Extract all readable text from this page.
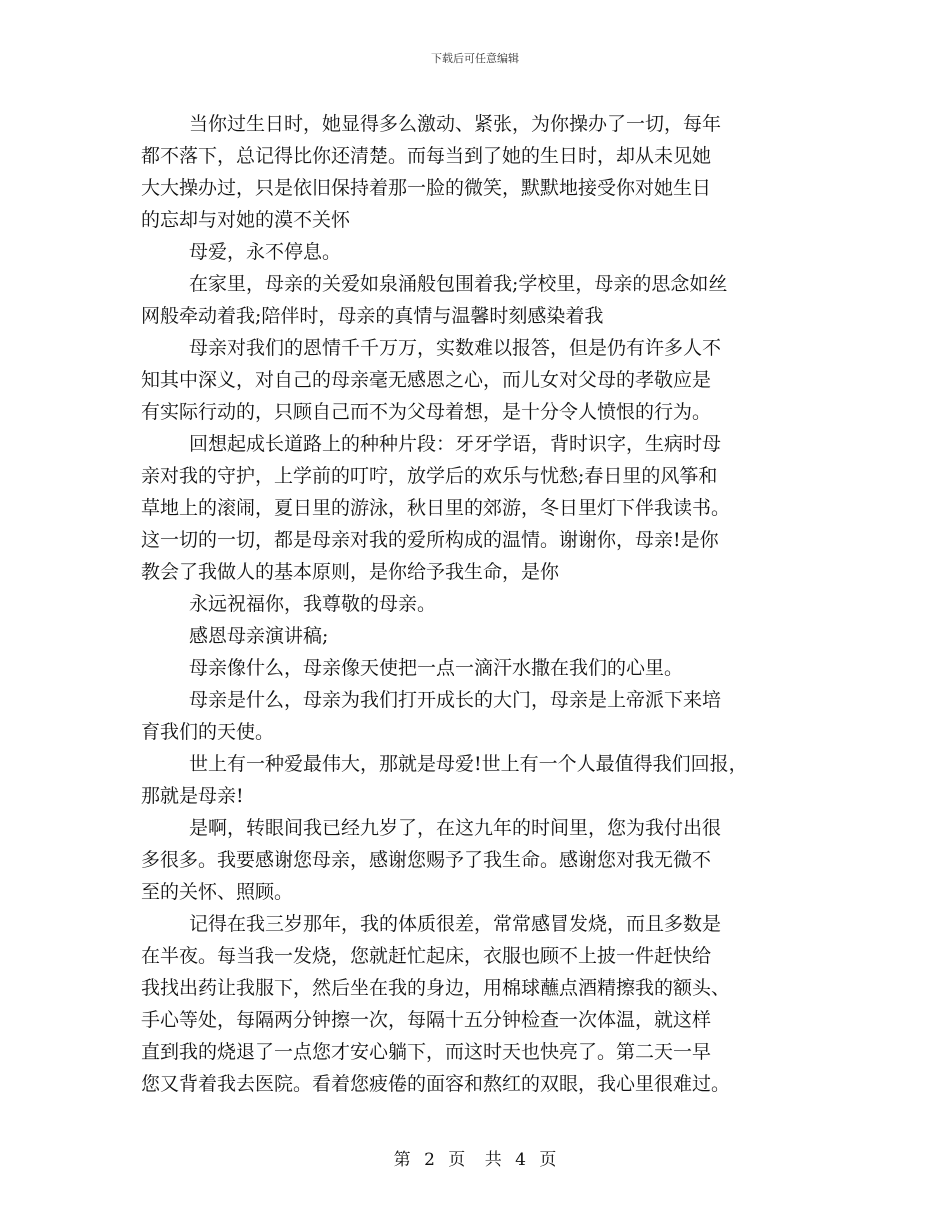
下载后可任意编辑
当你过生日时，她显得多么激动、紧张，为你操办了一切，每年
都不落下，总记得比你还清楚。而每当到了她的生日时，却从未见她
大大操办过，只是依旧保持着那一脸的微笑，默默地接受你对她生日
的忘却与对她的漠不关怀
母爱，永不停息。
在家里，母亲的关爱如泉涌般包围着我;学校里，母亲的思念如丝
网般牵动着我;陪伴时，母亲的真情与温馨时刻感染着我
母亲对我们的恩情千千万万，实数难以报答，但是仍有许多人不
知其中深义，对自己的母亲毫无感恩之心，而儿女对父母的孝敬应是
有实际行动的，只顾自己而不为父母着想，是十分令人愤恨的行为。
回想起成长道路上的种种片段：牙牙学语，背时识字，生病时母
亲对我的守护，上学前的叮咛，放学后的欢乐与忧愁;春日里的风筝和
草地上的滚闹，夏日里的游泳，秋日里的郊游，冬日里灯下伴我读书。
这一切的一切，都是母亲对我的爱所构成的温情。谢谢你，母亲!是你
教会了我做人的基本原则，是你给予我生命，是你
永远祝福你，我尊敬的母亲。
感恩母亲演讲稿;
母亲像什么，母亲像天使把一点一滴汗水撒在我们的心里。
母亲是什么，母亲为我们打开成长的大门，母亲是上帝派下来培
育我们的天使。
世上有一种爱最伟大，那就是母爱!世上有一个人最值得我们回报，
那就是母亲!
是啊，转眼间我已经九岁了，在这九年的时间里，您为我付出很
多很多。我要感谢您母亲，感谢您赐予了我生命。感谢您对我无微不
至的关怀、照顾。
记得在我三岁那年，我的体质很差，常常感冒发烧，而且多数是
在半夜。每当我一发烧，您就赶忙起床，衣服也顾不上披一件赶快给
我找出药让我服下，然后坐在我的身边，用棉球蘸点酒精擦我的额头、
手心等处，每隔两分钟擦一次，每隔十五分钟检查一次体温，就这样
直到我的烧退了一点您才安心躺下，而这时天也快亮了。第二天一早
您又背着我去医院。看着您疲倦的面容和熬红的双眼，我心里很难过。
第 2 页 共 4 页
